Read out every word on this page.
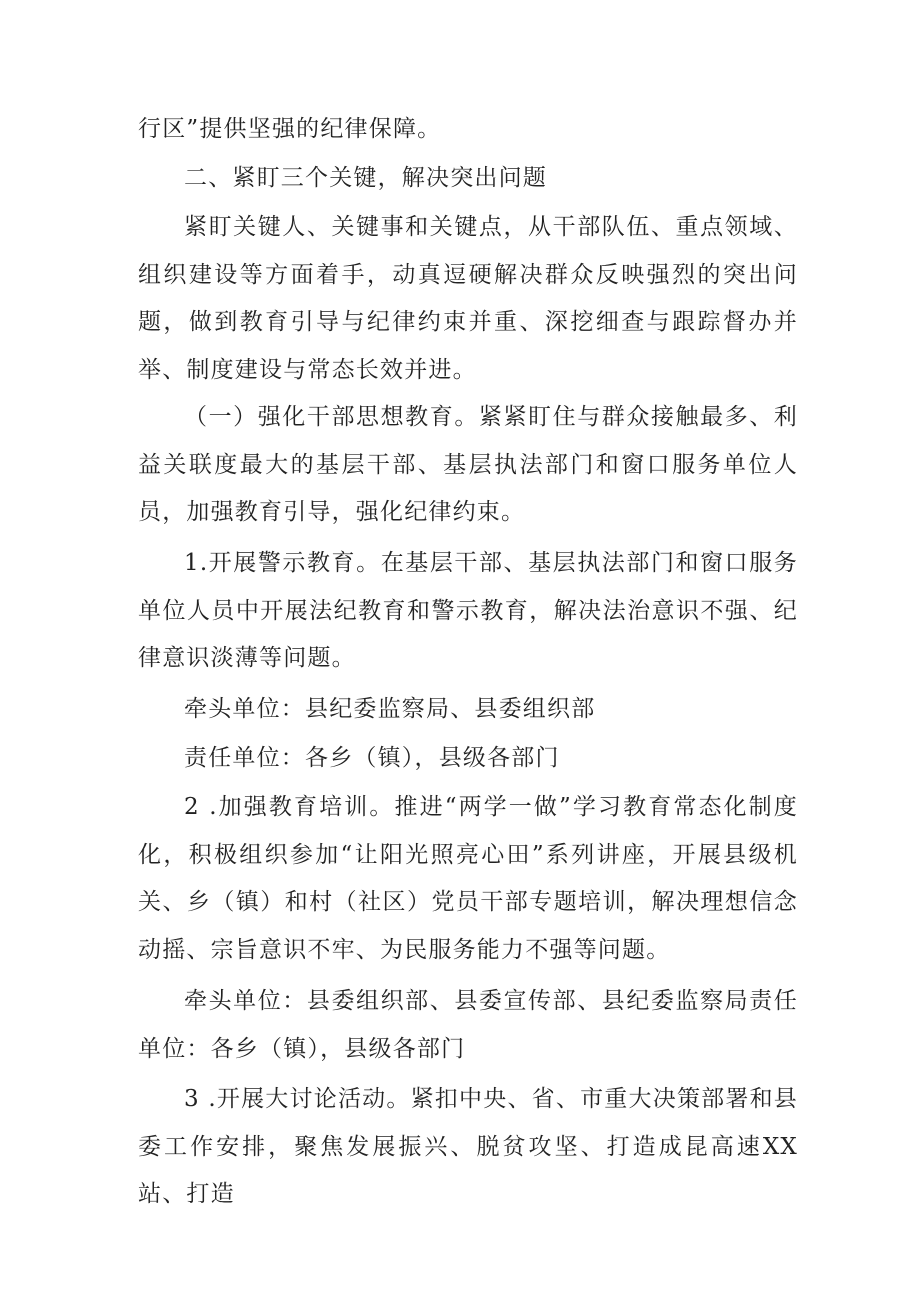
行区”提供坚强的纪律保障。

二、紧盯三个关键，解决突出问题

紧盯关键人、关键事和关键点，从干部队伍、重点领域、组织建设等方面着手，动真逗硬解决群众反映强烈的突出问题，做到教育引导与纪律约束并重、深挖细查与跟踪督办并举、制度建设与常态长效并进。

（一）强化干部思想教育。紧紧盯住与群众接触最多、利益关联度最大的基层干部、基层执法部门和窗口服务单位人员，加强教育引导，强化纪律约束。

1.开展警示教育。在基层干部、基层执法部门和窗口服务单位人员中开展法纪教育和警示教育，解决法治意识不强、纪律意识淡薄等问题。

牵头单位：县纪委监察局、县委组织部

责任单位：各乡（镇），县级各部门

2 .加强教育培训。推进“两学一做”学习教育常态化制度化，积极组织参加“让阳光照亮心田”系列讲座，开展县级机关、乡（镇）和村（社区）党员干部专题培训，解决理想信念动摇、宗旨意识不牢、为民服务能力不强等问题。

牵头单位：县委组织部、县委宣传部、县纪委监察局责任单位：各乡（镇），县级各部门

3 .开展大讨论活动。紧扣中央、省、市重大决策部署和县委工作安排，聚焦发展振兴、脱贫攻坚、打造成昆高速XX站、打造
